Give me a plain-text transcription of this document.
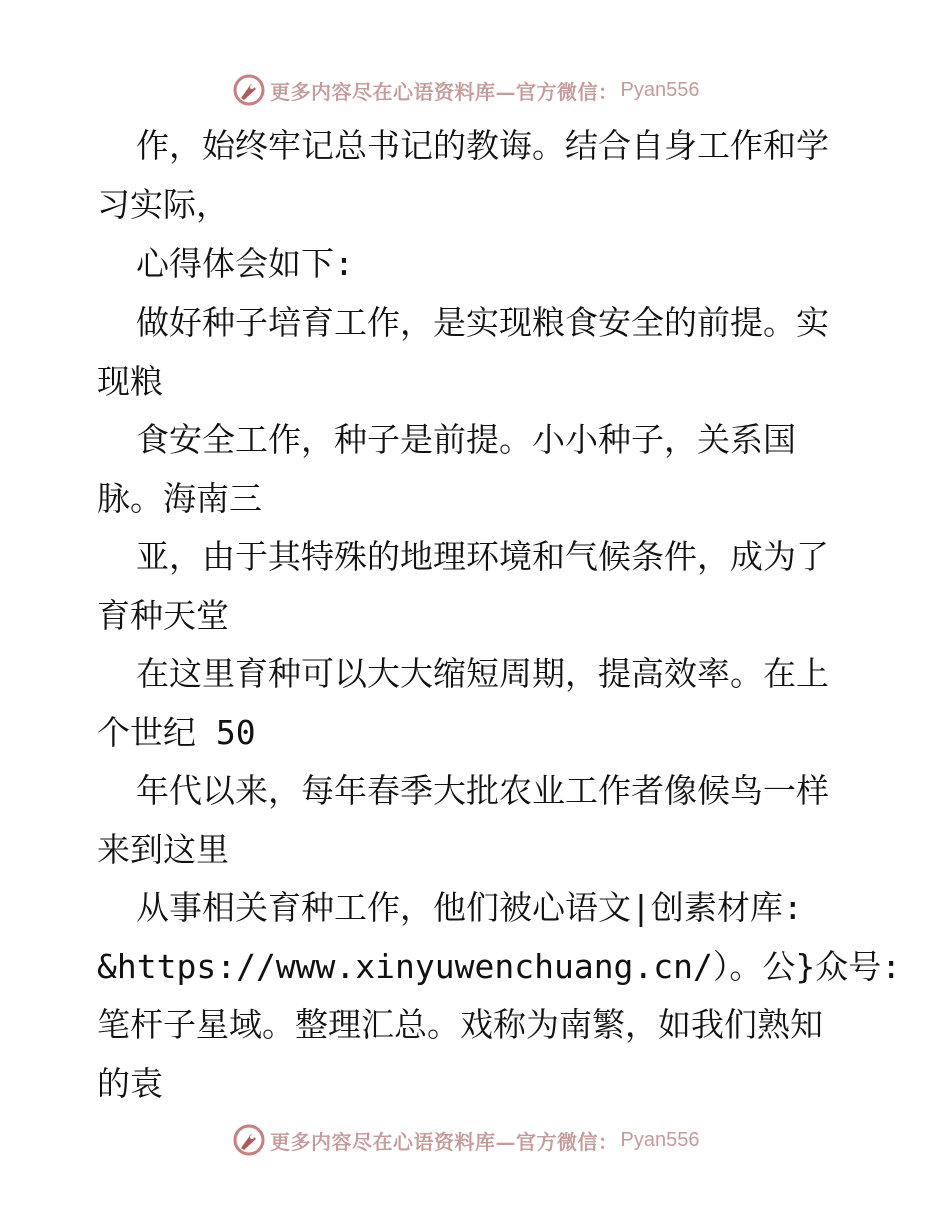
更多内容尽在心语资料库—官方微信： Pyan556
作，始终牢记总书记的教诲。结合自身工作和学
习实际，
心得体会如下:
做好种子培育工作，是实现粮食安全的前提。实
现粮
食安全工作，种子是前提。小小种子，关系国
脉。海南三
亚，由于其特殊的地理环境和气候条件，成为了
育种天堂
在这里育种可以大大缩短周期，提高效率。在上
个世纪 50
年代以来，每年春季大批农业工作者像候鸟一样
来到这里
从事相关育种工作，他们被心语文|创素材库:
&https://www.xinyuwenchuang.cn/）。公}众号:
笔杆子星域。整理汇总。戏称为南繁，如我们熟知
的袁
更多内容尽在心语资料库—官方微信： Pyan556
